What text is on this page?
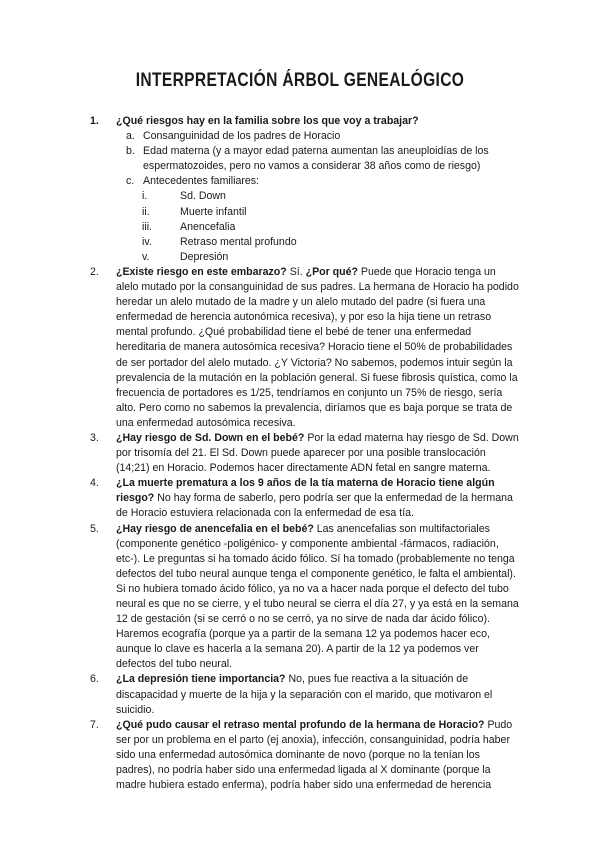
INTERPRETACIÓN ÁRBOL GENEALÓGICO
1. ¿Qué riesgos hay en la familia sobre los que voy a trabajar?
a. Consanguinidad de los padres de Horacio
b. Edad materna (y a mayor edad paterna aumentan las aneuploidías de los espermatozoides, pero no vamos a considerar 38 años como de riesgo)
c. Antecedentes familiares:
i.	Sd. Down
ii.	Muerte infantil
iii.	Anencefalia
iv.	Retraso mental profundo
v.	Depresión
2. ¿Existe riesgo en este embarazo? Sí. ¿Por qué? Puede que Horacio tenga un alelo mutado por la consanguinidad de sus padres. La hermana de Horacio ha podido heredar un alelo mutado de la madre y un alelo mutado del padre (si fuera una enfermedad de herencia autonómica recesiva), y por eso la hija tiene un retraso mental profundo. ¿Qué probabilidad tiene el bebé de tener una enfermedad hereditaria de manera autosómica recesiva? Horacio tiene el 50% de probabilidades de ser portador del alelo mutado. ¿Y Victoria? No sabemos, podemos intuir según la prevalencia de la mutación en la población general. Si fuese fibrosis quística, como la frecuencia de portadores es 1/25, tendríamos en conjunto un 75% de riesgo, sería alto. Pero como no sabemos la prevalencia, diríamos que es baja porque se trata de una enfermedad autosómica recesiva.
3. ¿Hay riesgo de Sd. Down en el bebé? Por la edad materna hay riesgo de Sd. Down por trisomía del 21. El Sd. Down puede aparecer por una posible translocación (14;21) en Horacio. Podemos hacer directamente ADN fetal en sangre materna.
4. ¿La muerte prematura a los 9 años de la tía materna de Horacio tiene algún riesgo? No hay forma de saberlo, pero podría ser que la enfermedad de la hermana de Horacio estuviera relacionada con la enfermedad de esa tía.
5. ¿Hay riesgo de anencefalia en el bebé? Las anencefalias son multifactoriales (componente genético -poligénico- y componente ambiental -fármacos, radiación, etc-). Le preguntas si ha tomado ácido fólico. Sí ha tomado (probablemente no tenga defectos del tubo neural aunque tenga el componente genético, le falta el ambiental). Si no hubiera tomado ácido fólico, ya no va a hacer nada porque el defecto del tubo neural es que no se cierre, y el tubo neural se cierra el día 27, y ya está en la semana 12 de gestación (si se cerró o no se cerró, ya no sirve de nada dar ácido fólico). Haremos ecografía (porque ya a partir de la semana 12 ya podemos hacer eco, aunque lo clave es hacerla a la semana 20). A partir de la 12 ya podemos ver defectos del tubo neural.
6. ¿La depresión tiene importancia? No, pues fue reactiva a la situación de discapacidad y muerte de la hija y la separación con el marido, que motivaron el suicidio.
7. ¿Qué pudo causar el retraso mental profundo de la hermana de Horacio? Pudo ser por un problema en el parto (ej anoxia), infección, consanguinidad, podría haber sido una enfermedad autosómica dominante de novo (porque no la tenían los padres), no podría haber sido una enfermedad ligada al X dominante (porque la madre hubiera estado enferma), podría haber sido una enfermedad de herencia
